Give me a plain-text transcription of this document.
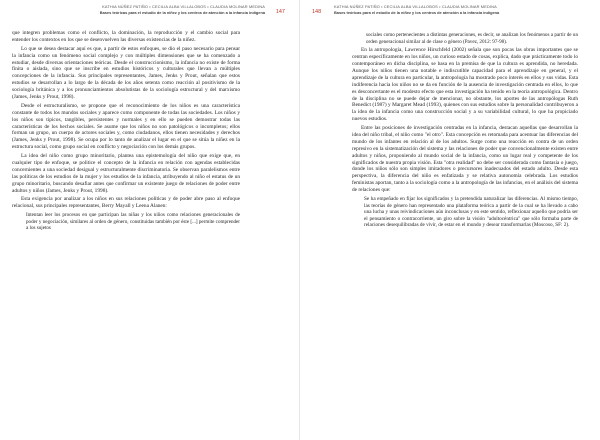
KATHIA NÚÑEZ PATIÑO • CECILIA ALBA VILLALOBOS • CLAUDIA MOLINAR MEDINA
Bases teóricas para el estudio de la niñez y los centros de atención a la infancia indígena 147

que integren problemas como el conflicto, la dominación, la reproducción y el cambio social para entender los contextos en los que se desenvuelven las diversas existencias de la niñez.

Lo que se desea destacar aquí es que, a partir de estos enfoques, se dio el paso necesario para pensar la infancia como un fenómeno social complejo y con múltiples dimensiones que se ha comenzado a estudiar, desde diversas orientaciones teóricas. Desde el construccionismo, la infancia no existe de forma finita o aislada, sino que se inscribe en estudios históricos y culturales que llevan a múltiples concepciones de la infancia. Sus principales representantes, James, Jenks y Prout, señalan que estos estudios se desarrollan a lo largo de la década de los años setenta como reacción al positivismo de la sociología británica y a los pronunciamientos absolutistas de la sociología estructural y del marxismo (James, Jenks y Prout, 1998).

Desde el estructuralismo, se propone que el reconocimiento de los niños es una característica constante de todos los mundos sociales y aparece como componente de todas las sociedades. Los niños y los niños son típicos, tangibles, persistentes y normales y en ello se pueden demostrar todas las características de los hechos sociales. Se asume que los niños no son patológicos o incompletos; ellos forman un grupo, un cuerpo de actores sociales y, como ciudadanos, ellos tienen necesidades y derechos (James, Jenks y Prout, 1998). Se ocupa por lo tanto de analizar el lugar en el que se sitúa la niñez en la estructura social, como grupo social en conflicto y negociación con los demás grupos.

La idea del niño como grupo minoritario, plantea una epistemología del niño que exige que, en cualquier tipo de enfoque, se politice el concepto de la infancia en relación con agendas establecidas concernientes a una sociedad desigual y estructuralmente discriminatoria. Se observan paralelismos entre las políticas de los estudios de la mujer y los estudios de la infancia, atribuyendo al niño el estatus de un grupo minoritario, buscando desafiar antes que confirmar un existente juego de relaciones de poder entre adultos y niños (James, Jenks y Prout, 1998).

Esta exigencia por analizar a los niños en sus relaciones políticas y de poder abre paso al enfoque relacional, sus principales representantes, Berry Mayall y Leena Alanen:

Intentan leer los procesos en que participan las niñas y los niños como relaciones generacionales de poder y negociación, similares al orden de género, constituidas también por éste [...] permite comprender a los sujetos

148
KATHIA NÚÑEZ PATIÑO • CECILIA ALBA VILLALOBOS • CLAUDIA MOLINAR MEDINA
Bases teóricas para el estudio de la niñez y los centros de atención a la infancia indígena

sociales como pertenecientes a distintas generaciones, es decir, se analizan los fenómenos a partir de un orden generacional similar al de clase o género (Pavez, 2012: 97-98).

En la antropología, Lawrence Hirschfeld (2002) señala que son pocas las obras importantes que se centran específicamente en los niños, un curioso estado de cosas, explica, dado que prácticamente todo lo contemporáneo en dicha disciplina, se basa en la premisa de que la cultura es aprendida, no heredada. Aunque los niños tienen una notable e indiscutible capacidad para el aprendizaje en general, y el aprendizaje de la cultura en particular, la antropología ha mostrado poco interés en ellos y sus vidas. Esta indiferencia hacia los niños no se da en función de la ausencia de investigación centrada en ellos, lo que es desconcertante es el modesto efecto que esta investigación ha tenido en la teoría antropológica. Dentro de la disciplina no se puede dejar de mencionar, no obstante, los aportes de las antropólogas Ruth Benedict (1987) y Margaret Mead (1993), quienes con sus estudios sobre la personalidad contribuyeron a la idea de la infancia como una construcción social y a su variabilidad cultural, lo que ha propiciado nuevos estudios.

Entre las posiciones de investigación centradas en la infancia, destacan aquellas que desarrollan la idea del niño tribal, el niño como "el otro". Esta concepción es retomada para acentuar las diferencias del mundo de los infantes en relación al de los adultos. Surge como una reacción en contra de un orden represivo en la sistematización del sistema y las relaciones de poder que convencionalmente existen entre adultos y niños, proponiendo al mundo social de la infancia, como un lugar real y competente de los significados de nuestra propia visión. Esta "otra realidad" no debe ser considerada como fantasía o juego, donde los niños sólo son simples imitadores o precursores inadecuados del estado adulto. Desde esta perspectiva, la diferencia del niño es enfatizada y se relativa autonomía celebrada. Los estudios feministas aportan, tanto a la sociología como a la antropología de las infancias, en el análisis del sistema de relaciones que:

Se ha empeñado en fijar los significados y la pretendida naturalizar las diferencias. Al mismo tiempo, las teorías de género han representado una plataforma teórica a partir de la cual se ha llevado a cabo una lucha y unas reivindicaciones aún inconclusas y en este sentido, reflexionar aquello que podría ser el pensamiento o contracorriente, un giro sobre la visión "adultocéntrica" que sólo formaba parte de relaciones desequilibradas de vivir, de estar en el mundo y desear transformarlas (Moscoso, SF: 2).
